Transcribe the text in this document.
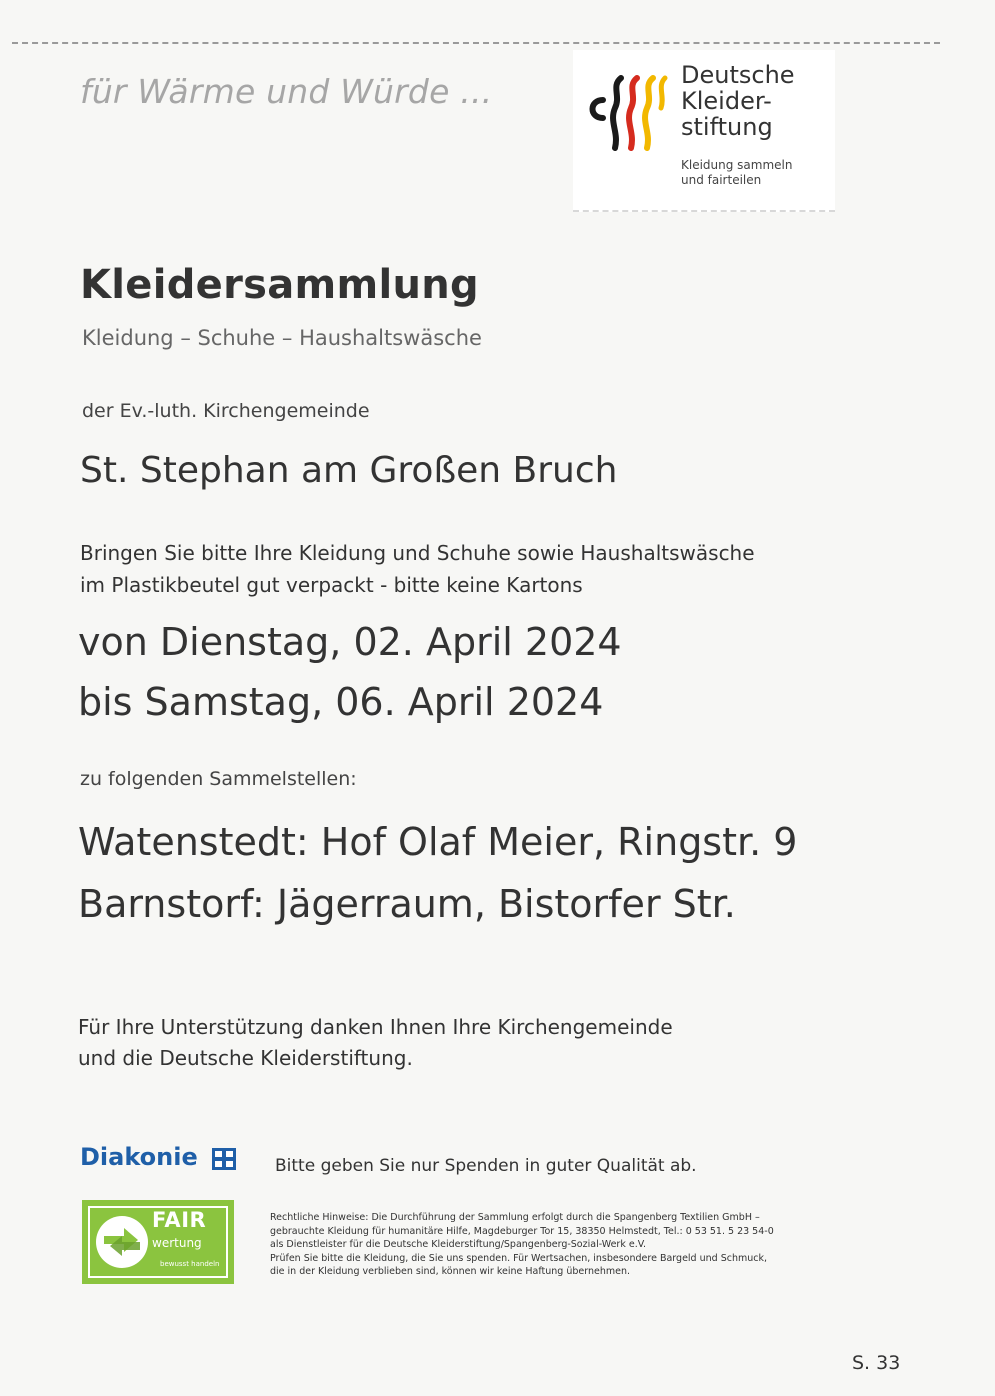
für Wärme und Würde ...	Deutsche
Kleider-
stiftung
Kleidung sammeln
und fairteilen
Kleidersammlung
Kleidung – Schuhe – Haushaltswäsche
der Ev.-luth. Kirchengemeinde
St. Stephan am Großen Bruch
Bringen Sie bitte Ihre Kleidung und Schuhe sowie Haushaltswäsche
im Plastikbeutel gut verpackt - bitte keine Kartons
von Dienstag, 02. April 2024
bis Samstag, 06. April 2024
zu folgenden Sammelstellen:
Watenstedt: Hof Olaf Meier, Ringstr. 9
Barnstorf: Jägerraum, Bistorfer Str.
Für Ihre Unterstützung danken Ihnen Ihre Kirchengemeinde
und die Deutsche Kleiderstiftung.
Diakonie	Bitte geben Sie nur Spenden in guter Qualität ab.
FAIR
wertung
bewusst handeln

Rechtliche Hinweise: Die Durchführung der Sammlung erfolgt durch die Spangenberg Textilien GmbH –

gebrauchte Kleidung für humanitäre Hilfe, Magdeburger Tor 15, 38350 Helmstedt, Tel.: 0 53 51. 5 23 54-0

als Dienstleister für die Deutsche Kleiderstiftung/Spangenberg-Sozial-Werk e.V.

Prüfen Sie bitte die Kleidung, die Sie uns spenden. Für Wertsachen, insbesondere Bargeld und Schmuck,

die in der Kleidung verblieben sind, können wir keine Haftung übernehmen.

S. 33
